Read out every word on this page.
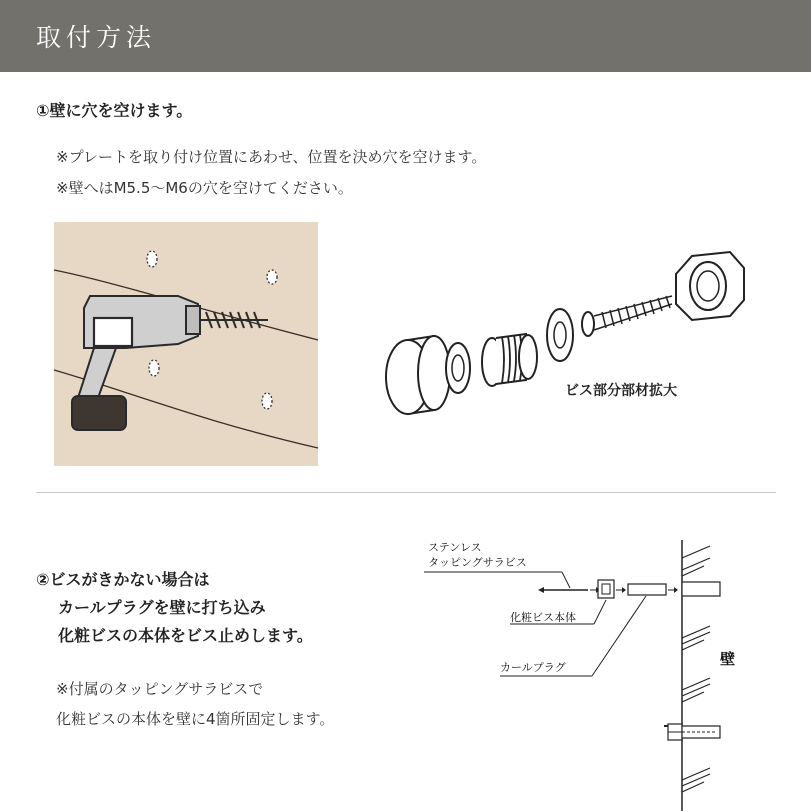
取付方法
①壁に穴を空けます。
※プレートを取り付け位置にあわせ、位置を決め穴を空けます。
※壁へはM5.5〜M6の穴を空けてください。
ビス部分部材拡大
②ビスがきかない場合は
カールプラグを壁に打ち込み
化粧ビスの本体をビス止めします。
※付属のタッピングサラビスで
化粧ビスの本体を壁に4箇所固定します。
ステンレス
タッピングサラビス
化粧ビス本体
カールプラグ	壁
